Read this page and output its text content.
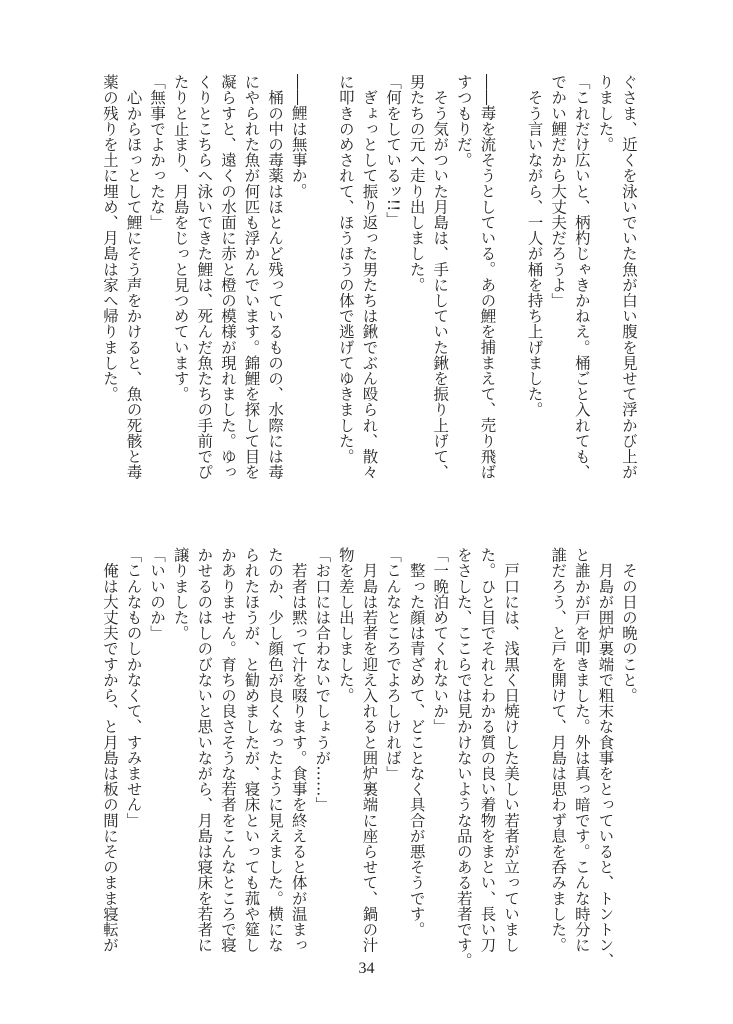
ぐさま、近くを泳いでいた魚が白い腹を見せて浮かび上が
りました。
「これだけ広いと、柄杓じゃきかねえ。桶ごと入れても、
でかい鯉だから大丈夫だろうよ」
　そう言いながら、一人が桶を持ち上げました。
――毒を流そうとしている。あの鯉を捕まえて、売り飛ば
すつもりだ。
　そう気がついた月島は、手にしていた鍬を振り上げて、
男たちの元へ走り出しました。
「何をしているッ!!」
　ぎょっとして振り返った男たちは鍬でぶん殴られ、散々
に叩きのめされて、ほうほうの体で逃げてゆきました。
――鯉は無事か。
　桶の中の毒薬はほとんど残っているものの、水際には毒
にやられた魚が何匹も浮かんでいます。錦鯉を探して目を
凝らすと、遠くの水面に赤と橙の模様が現れました。ゆっ
くりとこちらへ泳いできた鯉は、死んだ魚たちの手前でぴ
たりと止まり、月島をじっと見つめています。
「無事でよかったな」
　心からほっとして鯉にそう声をかけると、魚の死骸と毒
薬の残りを土に埋め、月島は家へ帰りました。
　その日の晩のこと。
　月島が囲炉裏端で粗末な食事をとっていると、トントン、
と誰かが戸を叩きました。外は真っ暗です。こんな時分に
誰だろう、と戸を開けて、月島は思わず息を呑みました。
　戸口には、浅黒く日焼けした美しい若者が立っていまし
た。ひと目でそれとわかる質の良い着物をまとい、長い刀
をさした、ここらでは見かけないような品のある若者です。
「一晩泊めてくれないか」
　整った顔は青ざめて、どことなく具合が悪そうです。
「こんなところでよろしければ」
　月島は若者を迎え入れると囲炉裏端に座らせて、鍋の汁
物を差し出しました。
「お口には合わないでしょうが……」
　若者は黙って汁を啜ります。食事を終えると体が温まっ
たのか、少し顔色が良くなったように見えました。横にな
られたほうが、と勧めましたが、寝床といっても菰や筵し
かありません。育ちの良さそうな若者をこんなところで寝
かせるのはしのびないと思いながら、月島は寝床を若者に
譲りました。
「いいのか」
「こんなものしかなくて、すみません」
　俺は大丈夫ですから、と月島は板の間にそのまま寝転が
34
